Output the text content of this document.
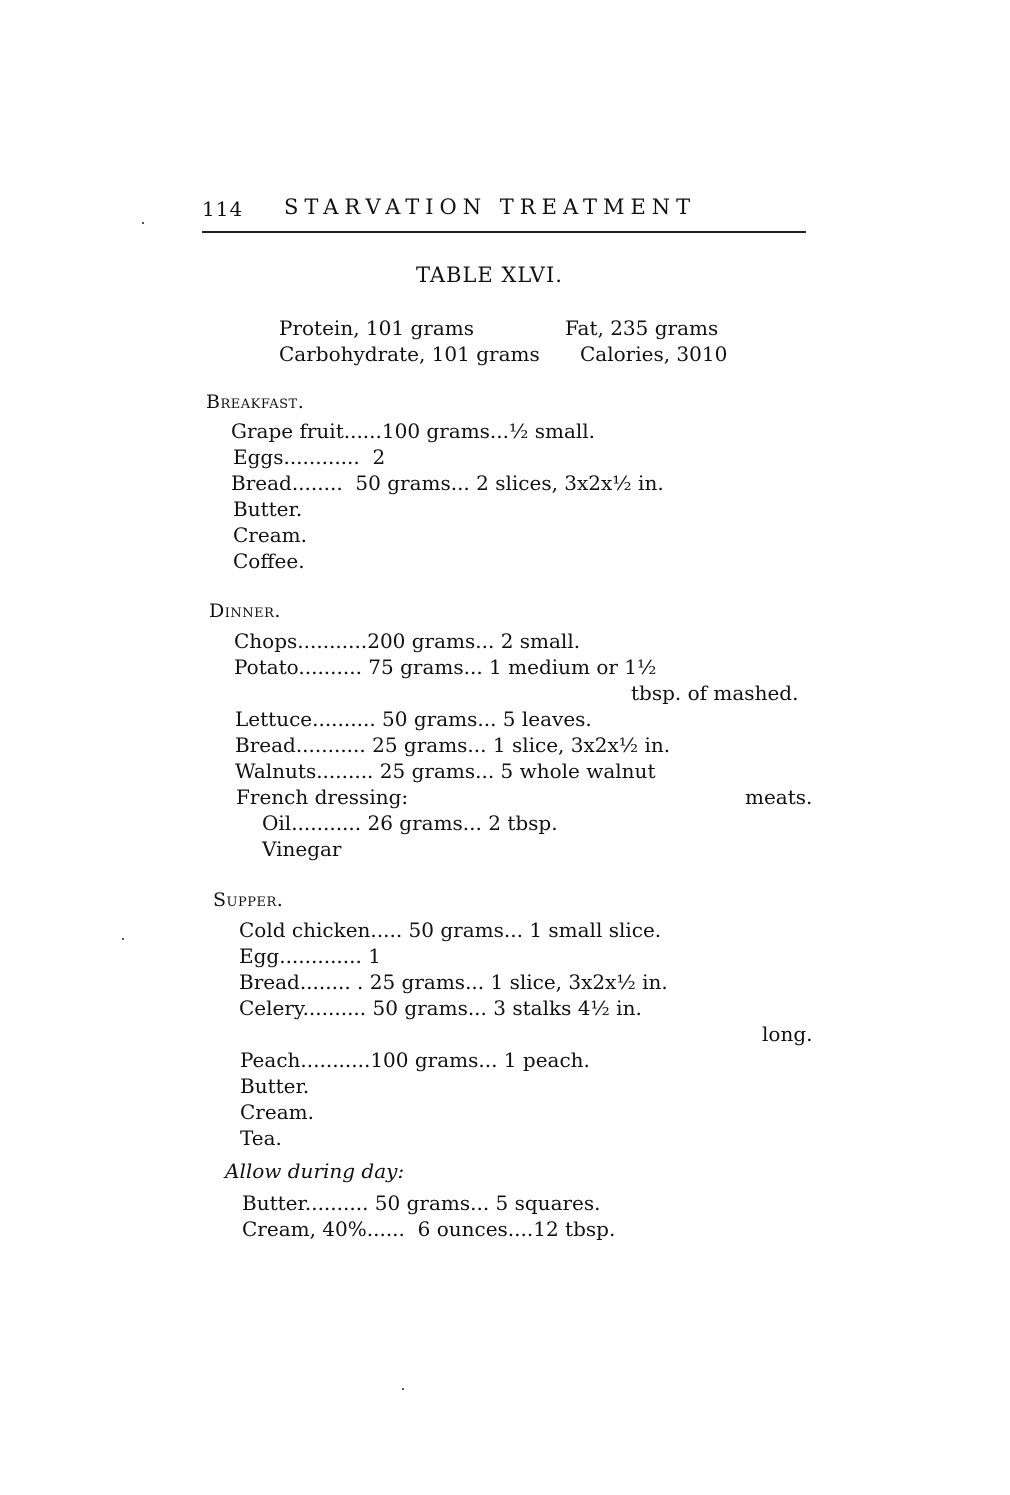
114 STARVATION TREATMENT
TABLE XLVI.
Protein, 101 grams	Fat, 235 grams
Carbohydrate, 101 grams Calories, 3010
Breakfast.
Grape fruit......100 grams...½ small.
Eggs............  2
Bread........  50 grams... 2 slices, 3x2x½ in.
Butter.
Cream.
Coffee.
Dinner.
Chops...........200 grams... 2 small.
Potato.......... 75 grams... 1 medium or 1½
tbsp. of mashed.
Lettuce.......... 50 grams... 5 leaves.
Bread........... 25 grams... 1 slice, 3x2x½ in.
Walnuts......... 25 grams... 5 whole walnut
French dressing:	meats.
Oil........... 26 grams... 2 tbsp.
Vinegar
Supper.
Cold chicken..... 50 grams... 1 small slice.
Egg............. 1
Bread........ . 25 grams... 1 slice, 3x2x½ in.
Celery.......... 50 grams... 3 stalks 4½ in.
long.
Peach...........100 grams... 1 peach.
Butter.
Cream.
Tea.
Allow during day:
Butter.......... 50 grams... 5 squares.
Cream, 40%......  6 ounces....12 tbsp.
